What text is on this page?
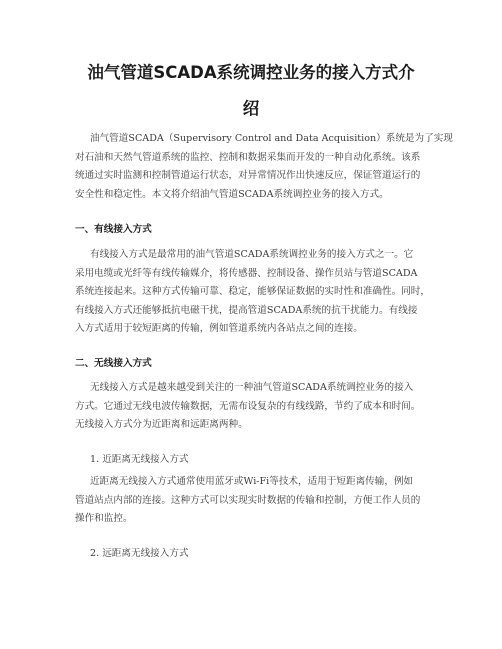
油气管道SCADA系统调控业务的接入方式介
绍
油气管道SCADA（Supervisory Control and Data Acquisition）系统是为了实现
对石油和天然气管道系统的监控、控制和数据采集而开发的一种自动化系统。该系
统通过实时监测和控制管道运行状态，对异常情况作出快速反应，保证管道运行的
安全性和稳定性。本文将介绍油气管道SCADA系统调控业务的接入方式。
一、有线接入方式
有线接入方式是最常用的油气管道SCADA系统调控业务的接入方式之一。它
采用电缆或光纤等有线传输媒介，将传感器、控制设备、操作员站与管道SCADA
系统连接起来。这种方式传输可靠、稳定，能够保证数据的实时性和准确性。同时，
有线接入方式还能够抵抗电磁干扰，提高管道SCADA系统的抗干扰能力。有线接
入方式适用于较短距离的传输，例如管道系统内各站点之间的连接。
二、无线接入方式
无线接入方式是越来越受到关注的一种油气管道SCADA系统调控业务的接入
方式。它通过无线电波传输数据，无需布设复杂的有线线路，节约了成本和时间。
无线接入方式分为近距离和远距离两种。
1. 近距离无线接入方式
近距离无线接入方式通常使用蓝牙或Wi-Fi等技术，适用于短距离传输，例如
管道站点内部的连接。这种方式可以实现实时数据的传输和控制，方便工作人员的
操作和监控。
2. 远距离无线接入方式
